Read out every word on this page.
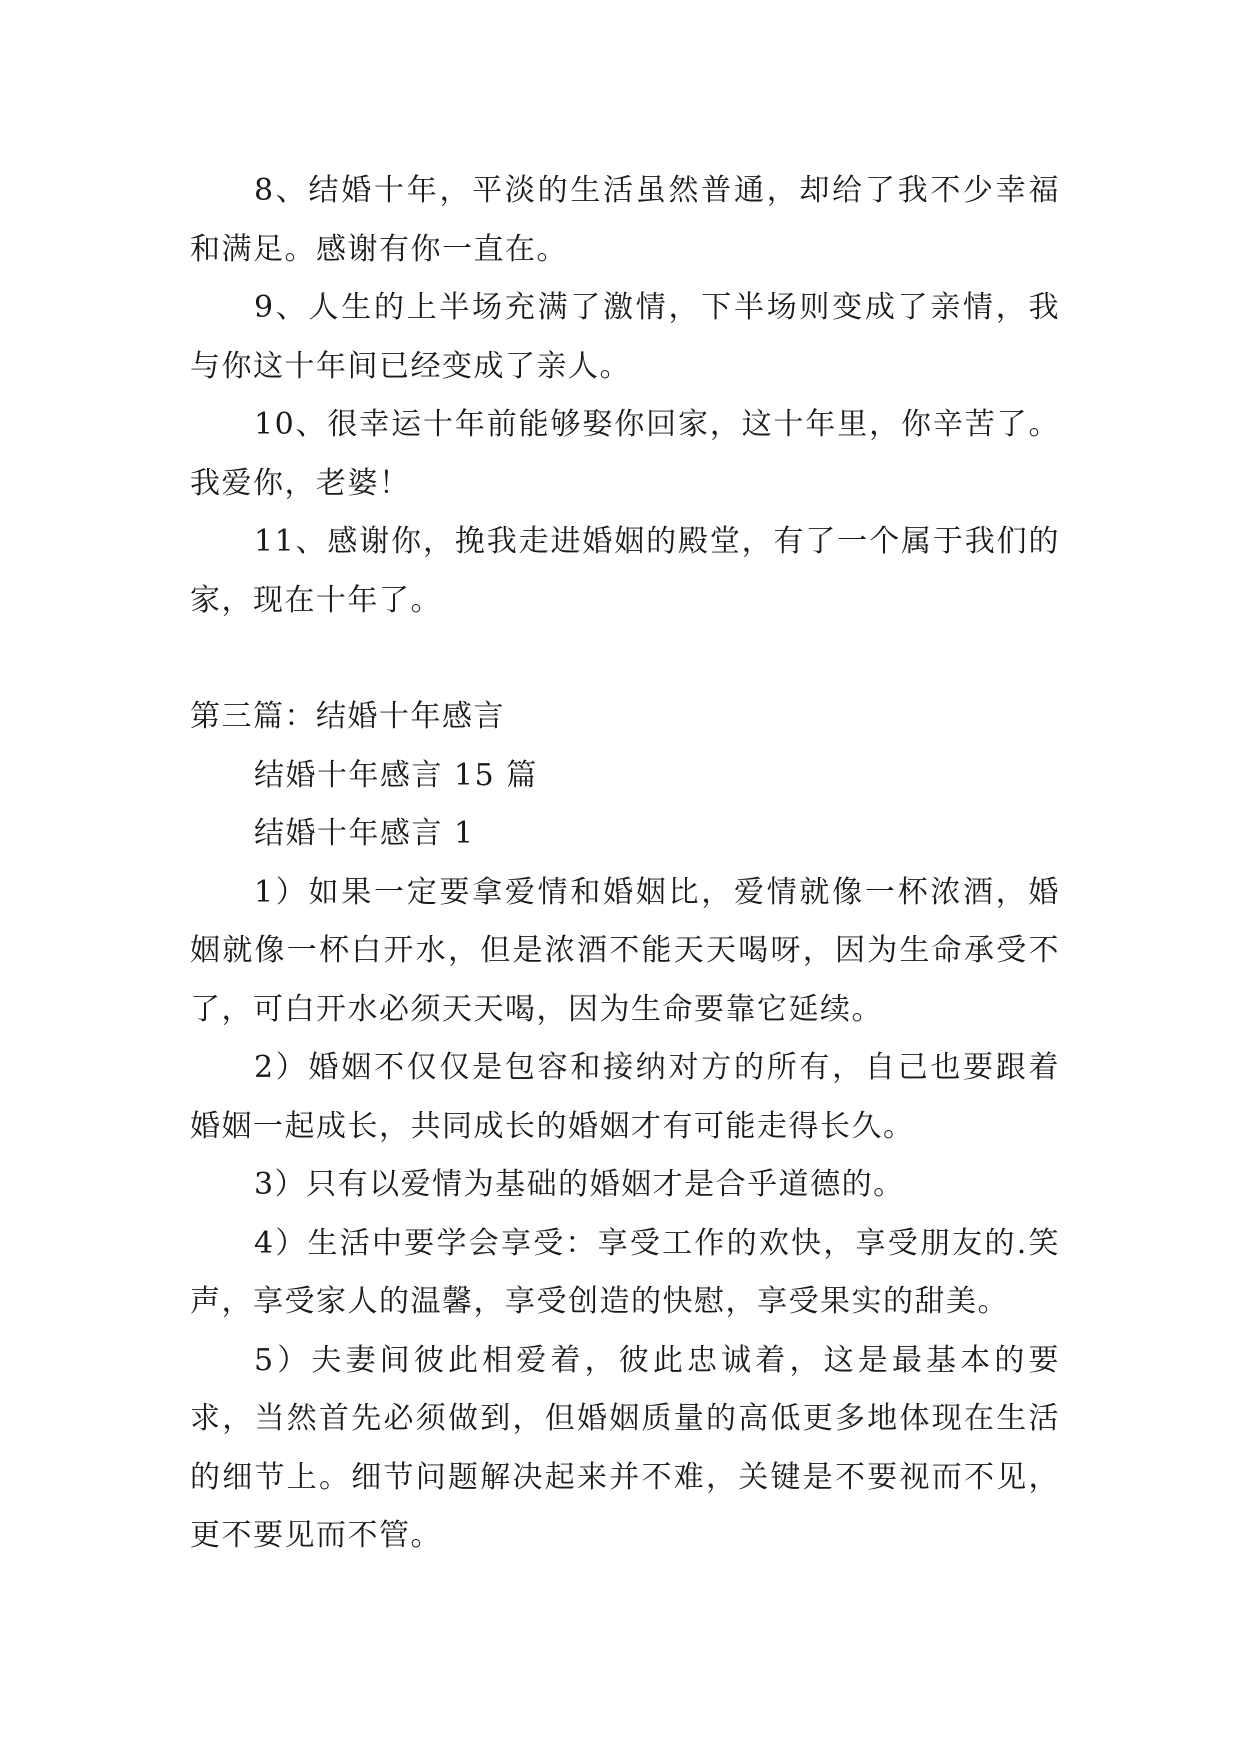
8、结婚十年，平淡的生活虽然普通，却给了我不少幸福和满足。感谢有你一直在。

9、人生的上半场充满了激情，下半场则变成了亲情，我与你这十年间已经变成了亲人。

10、很幸运十年前能够娶你回家，这十年里，你辛苦了。我爱你，老婆！

11、感谢你，挽我走进婚姻的殿堂，有了一个属于我们的家，现在十年了。

第三篇：结婚十年感言

结婚十年感言 15 篇

结婚十年感言 1

1）如果一定要拿爱情和婚姻比，爱情就像一杯浓酒，婚姻就像一杯白开水，但是浓酒不能天天喝呀，因为生命承受不了，可白开水必须天天喝，因为生命要靠它延续。

2）婚姻不仅仅是包容和接纳对方的所有，自己也要跟着婚姻一起成长，共同成长的婚姻才有可能走得长久。

3）只有以爱情为基础的婚姻才是合乎道德的。

4）生活中要学会享受：享受工作的欢快，享受朋友的.笑声，享受家人的温馨，享受创造的快慰，享受果实的甜美。

5）夫妻间彼此相爱着，彼此忠诚着，这是最基本的要求，当然首先必须做到，但婚姻质量的高低更多地体现在生活的细节上。细节问题解决起来并不难，关键是不要视而不见，更不要见而不管。
